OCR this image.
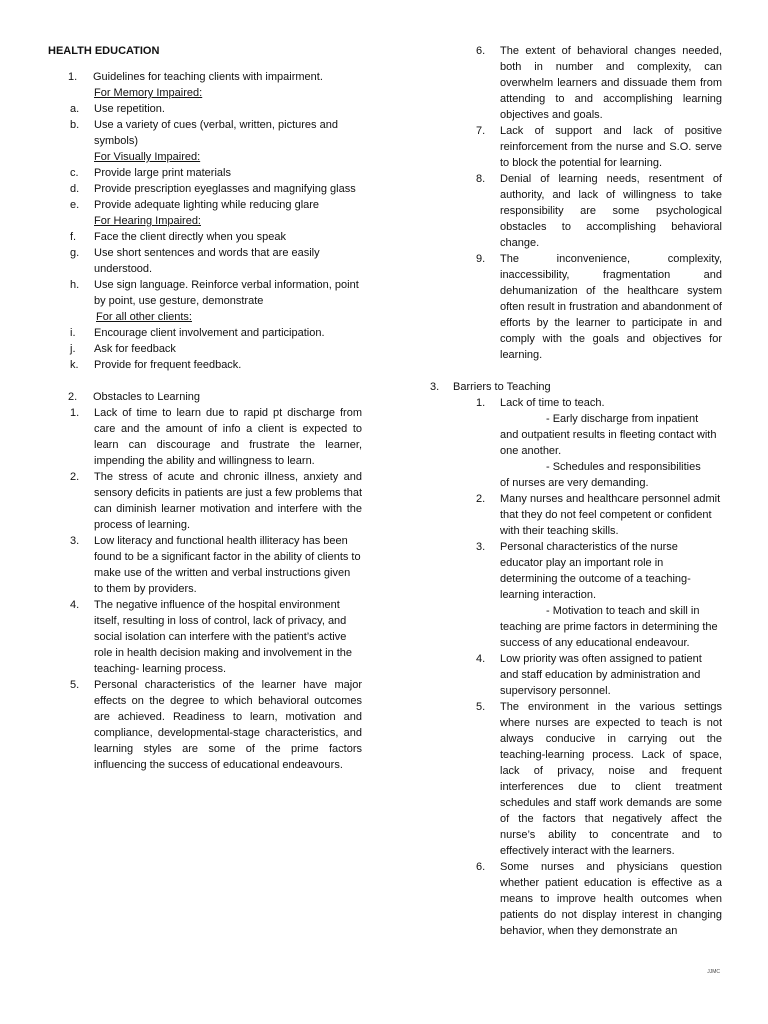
HEALTH EDUCATION
1. Guidelines for teaching clients with impairment.
For Memory Impaired:
a. Use repetition.
b. Use a variety of cues (verbal, written, pictures and symbols)
For Visually Impaired:
c. Provide large print materials
d. Provide prescription eyeglasses and magnifying glass
e. Provide adequate lighting while reducing glare
For Hearing Impaired:
f. Face the client directly when you speak
g. Use short sentences and words that are easily understood.
h. Use sign language. Reinforce verbal information, point by point, use gesture, demonstrate
For all other clients:
i. Encourage client involvement and participation.
j. Ask for feedback
k. Provide for frequent feedback.
2. Obstacles to Learning
1. Lack of time to learn due to rapid pt discharge from care and the amount of info a client is expected to learn can discourage and frustrate the learner, impending the ability and willingness to learn.
2. The stress of acute and chronic illness, anxiety and sensory deficits in patients are just a few problems that can diminish learner motivation and interfere with the process of learning.
3. Low literacy and functional health illiteracy has been found to be a significant factor in the ability of clients to make use of the written and verbal instructions given to them by providers.
4. The negative influence of the hospital environment itself, resulting in loss of control, lack of privacy, and social isolation can interfere with the patient’s active role in health decision making and involvement in the teaching- learning process.
5. Personal characteristics of the learner have major effects on the degree to which behavioral outcomes are achieved. Readiness to learn, motivation and compliance, developmental-stage characteristics, and learning styles are some of the prime factors influencing the success of educational endeavours.
6. The extent of behavioral changes needed, both in number and complexity, can overwhelm learners and dissuade them from attending to and accomplishing learning objectives and goals.
7. Lack of support and lack of positive reinforcement from the nurse and S.O. serve to block the potential for learning.
8. Denial of learning needs, resentment of authority, and lack of willingness to take responsibility are some psychological obstacles to accomplishing behavioral change.
9. The inconvenience, complexity, inaccessibility, fragmentation and dehumanization of the healthcare system often result in frustration and abandonment of efforts by the learner to participate in and comply with the goals and objectives for learning.
3. Barriers to Teaching
1. Lack of time to teach.
- Early discharge from inpatient
and outpatient results in fleeting contact with one another.
- Schedules and responsibilities
of nurses are very demanding.
2. Many nurses and healthcare personnel admit that they do not feel competent or confident with their teaching skills.
3. Personal characteristics of the nurse educator play an important role in determining the outcome of a teaching-learning interaction.
- Motivation to teach and skill in
teaching are prime factors in determining the success of any educational endeavour.
4. Low priority was often assigned to patient and staff education by administration and supervisory personnel.
5. The environment in the various settings where nurses are expected to teach is not always conducive in carrying out the teaching-learning process. Lack of space, lack of privacy, noise and frequent interferences due to client treatment schedules and staff work demands are some of the factors that negatively affect the nurse’s ability to concentrate and to effectively interact with the learners.
6. Some nurses and physicians question whether patient education is effective as a means to improve health outcomes when patients do not display interest in changing behavior, when they demonstrate an
JJMC
